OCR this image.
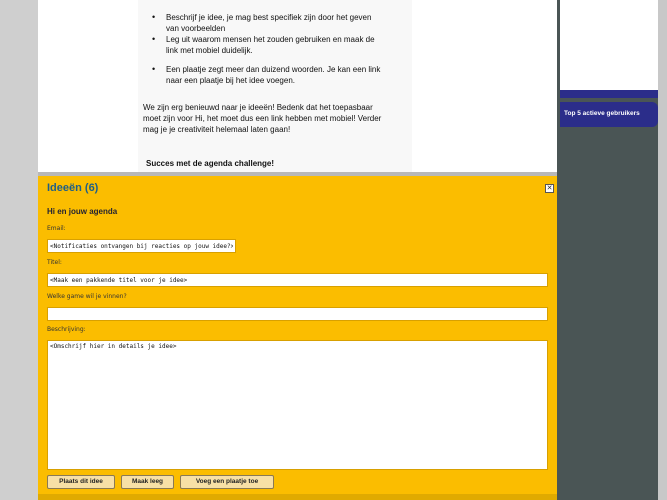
• Beschrijf je idee, je mag best specifiek zijn door het geven van voorbeelden
• Leg uit waarom mensen het zouden gebruiken en maak de link met mobiel duidelijk.
• Een plaatje zegt meer dan duizend woorden. Je kan een link naar een plaatje bij het idee voegen.

We zijn erg benieuwd naar je ideeën! Bedenk dat het toepasbaar moet zijn voor Hi, het moet dus een link hebben met mobiel! Verder mag je je creativiteit helemaal laten gaan!

Succes met de agenda challenge!

Ideeën (6)	✕
Hi en jouw agenda
Email:
<Notificaties ontvangen bij reacties op jouw idee?>
Titel:
<Maak een pakkende titel voor je idee>
Welke game wil je vinnen?
Beschrijving:
<Omschrijf hier in details je idee>
Plaats dit idee	Maak leeg	Voeg een plaatje toe
Top 5 actieve gebruikers
